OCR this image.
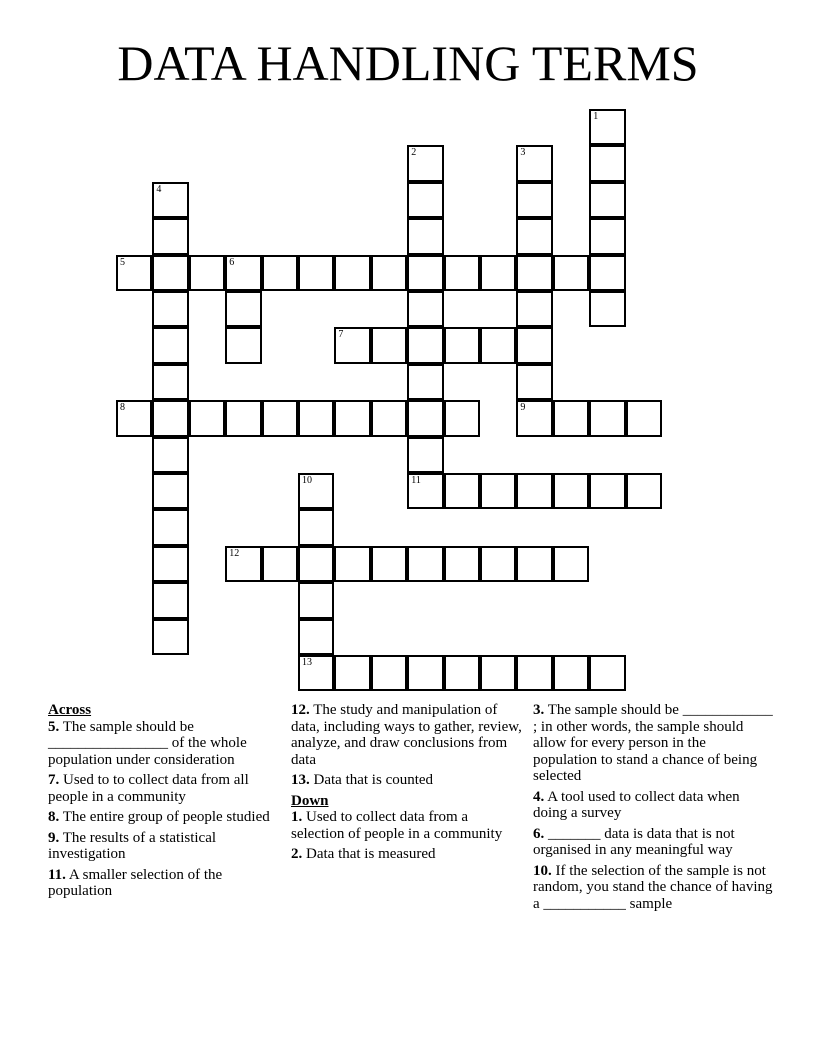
DATA HANDLING TERMS
1
2	3
4
5	6
7
8	9
10	11
12
13
Across
5. The sample should be ________________ of the whole population under consideration
7. Used to to collect data from all people in a community
8. The entire group of people studied
9. The results of a statistical investigation
11. A smaller selection of the population
12. The study and manipulation of data, including ways to gather, review, analyze, and draw conclusions from data
13. Data that is counted
Down
1. Used to collect data from a selection of people in a community
2. Data that is measured
3. The sample should be ____________ ; in other words, the sample should allow for every person in the population to stand a chance of being selected
4. A tool used to collect data when doing a survey
6. _______ data is data that is not organised in any meaningful way
10. If the selection of the sample is not random, you stand the chance of having a ___________ sample
